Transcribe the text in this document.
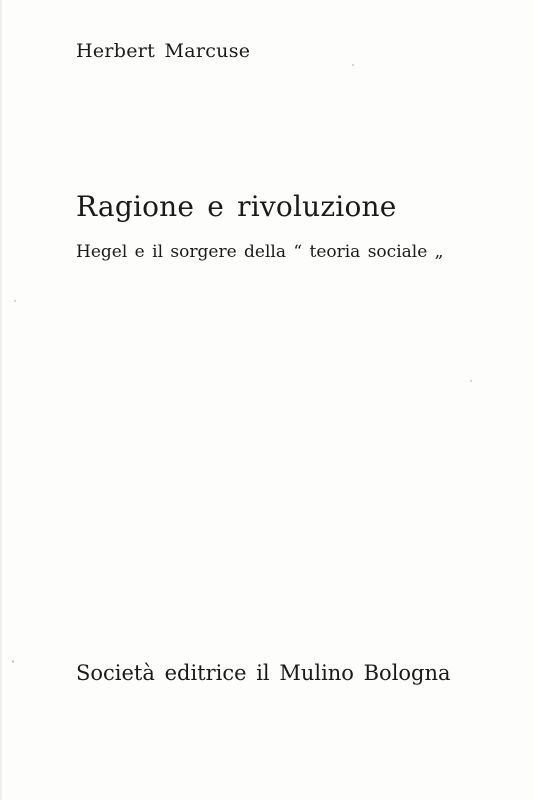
Herbert Marcuse
Ragione e rivoluzione
Hegel e il sorgere della “ teoria sociale „
Società editrice il Mulino Bologna
